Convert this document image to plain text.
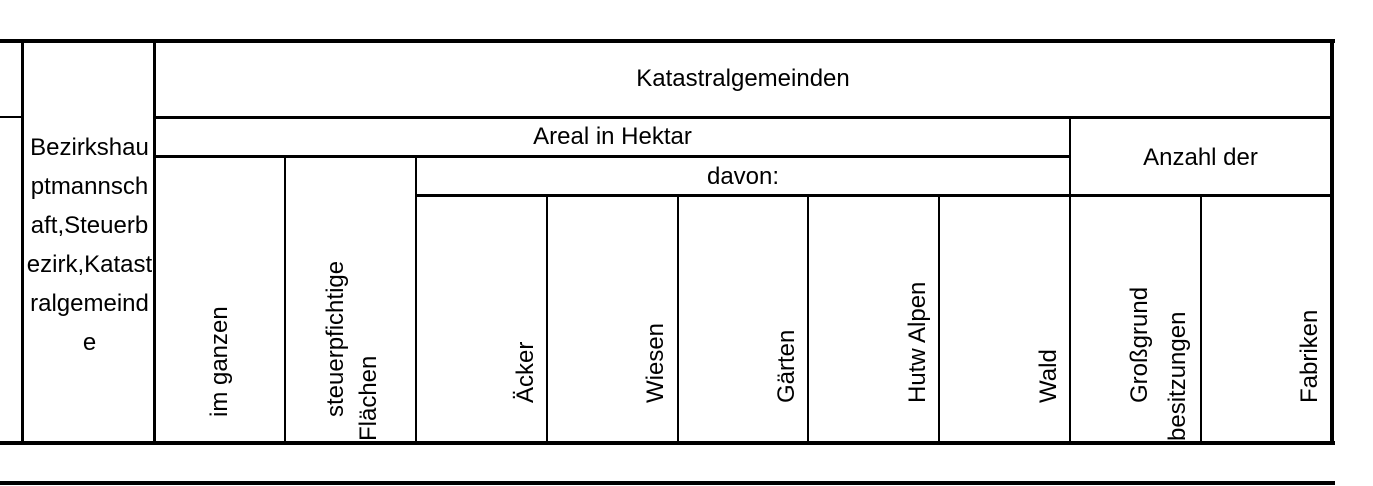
Katastralgemeinden
Bezirkshauptmannschaft,Steuerbezirk,Katastralgemeinde
Areal in Hektar
davon:
Anzahl der
im ganzen	steuerpfichtige Flächen	Äcker	Wiesen	Gärten	Hutw Alpen	Wald	Großgrund besitzungen	Fabriken
